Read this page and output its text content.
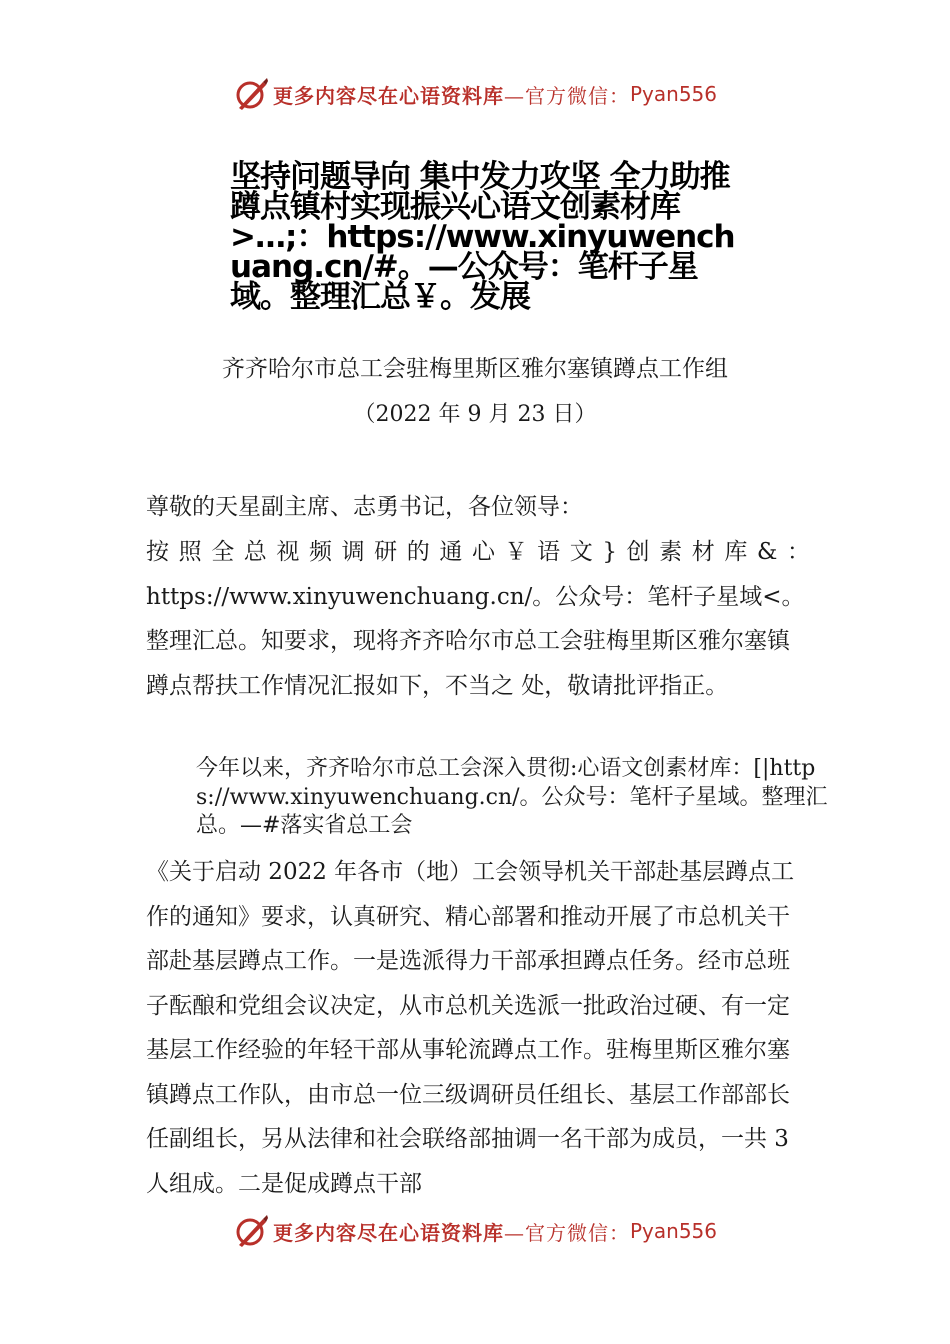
更多内容尽在心语资料库 —官方微信： Pyan556
坚持问题导向 集中发力攻坚 全力助推蹲点镇村实现振兴心语文创素材库>…;：https://www.xinyuwenchuang.cn/#。—公众号：笔杆子星域。整理汇总￥。发展

齐齐哈尔市总工会驻梅里斯区雅尔塞镇蹲点工作组

（2022 年 9 月 23 日）

尊敬的天星副主席、志勇书记，各位领导：

按 照 全 总 视 频 调 研 的 通 心 ￥ 语 文 } 创 素 材 库 & ：
https://www.xinyuwenchuang.cn/。公众号：笔杆子星域<。整理汇总。知要求，现将齐齐哈尔市总工会驻梅里斯区雅尔塞镇蹲点帮扶工作情况汇报如下，不当之 处，敬请批评指正。

今年以来，齐齐哈尔市总工会深入贯彻:心语文创素材库：[|https://www.xinyuwenchuang.cn/。公众号：笔杆子星域。整理汇总。—#落实省总工会

《关于启动 2022 年各市（地）工会领导机关干部赴基层蹲点工作的通知》要求，认真研究、精心部署和推动开展了市总机关干部赴基层蹲点工作。一是选派得力干部承担蹲点任务。经市总班子酝酿和党组会议决定，从市总机关选派一批政治过硬、有一定基层工作经验的年轻干部从事轮流蹲点工作。驻梅里斯区雅尔塞镇蹲点工作队，由市总一位三级调研员任组长、基层工作部部长任副组长，另从法律和社会联络部抽调一名干部为成员，一共 3 人组成。二是促成蹲点干部

更多内容尽在心语资料库 —官方微信： Pyan556
